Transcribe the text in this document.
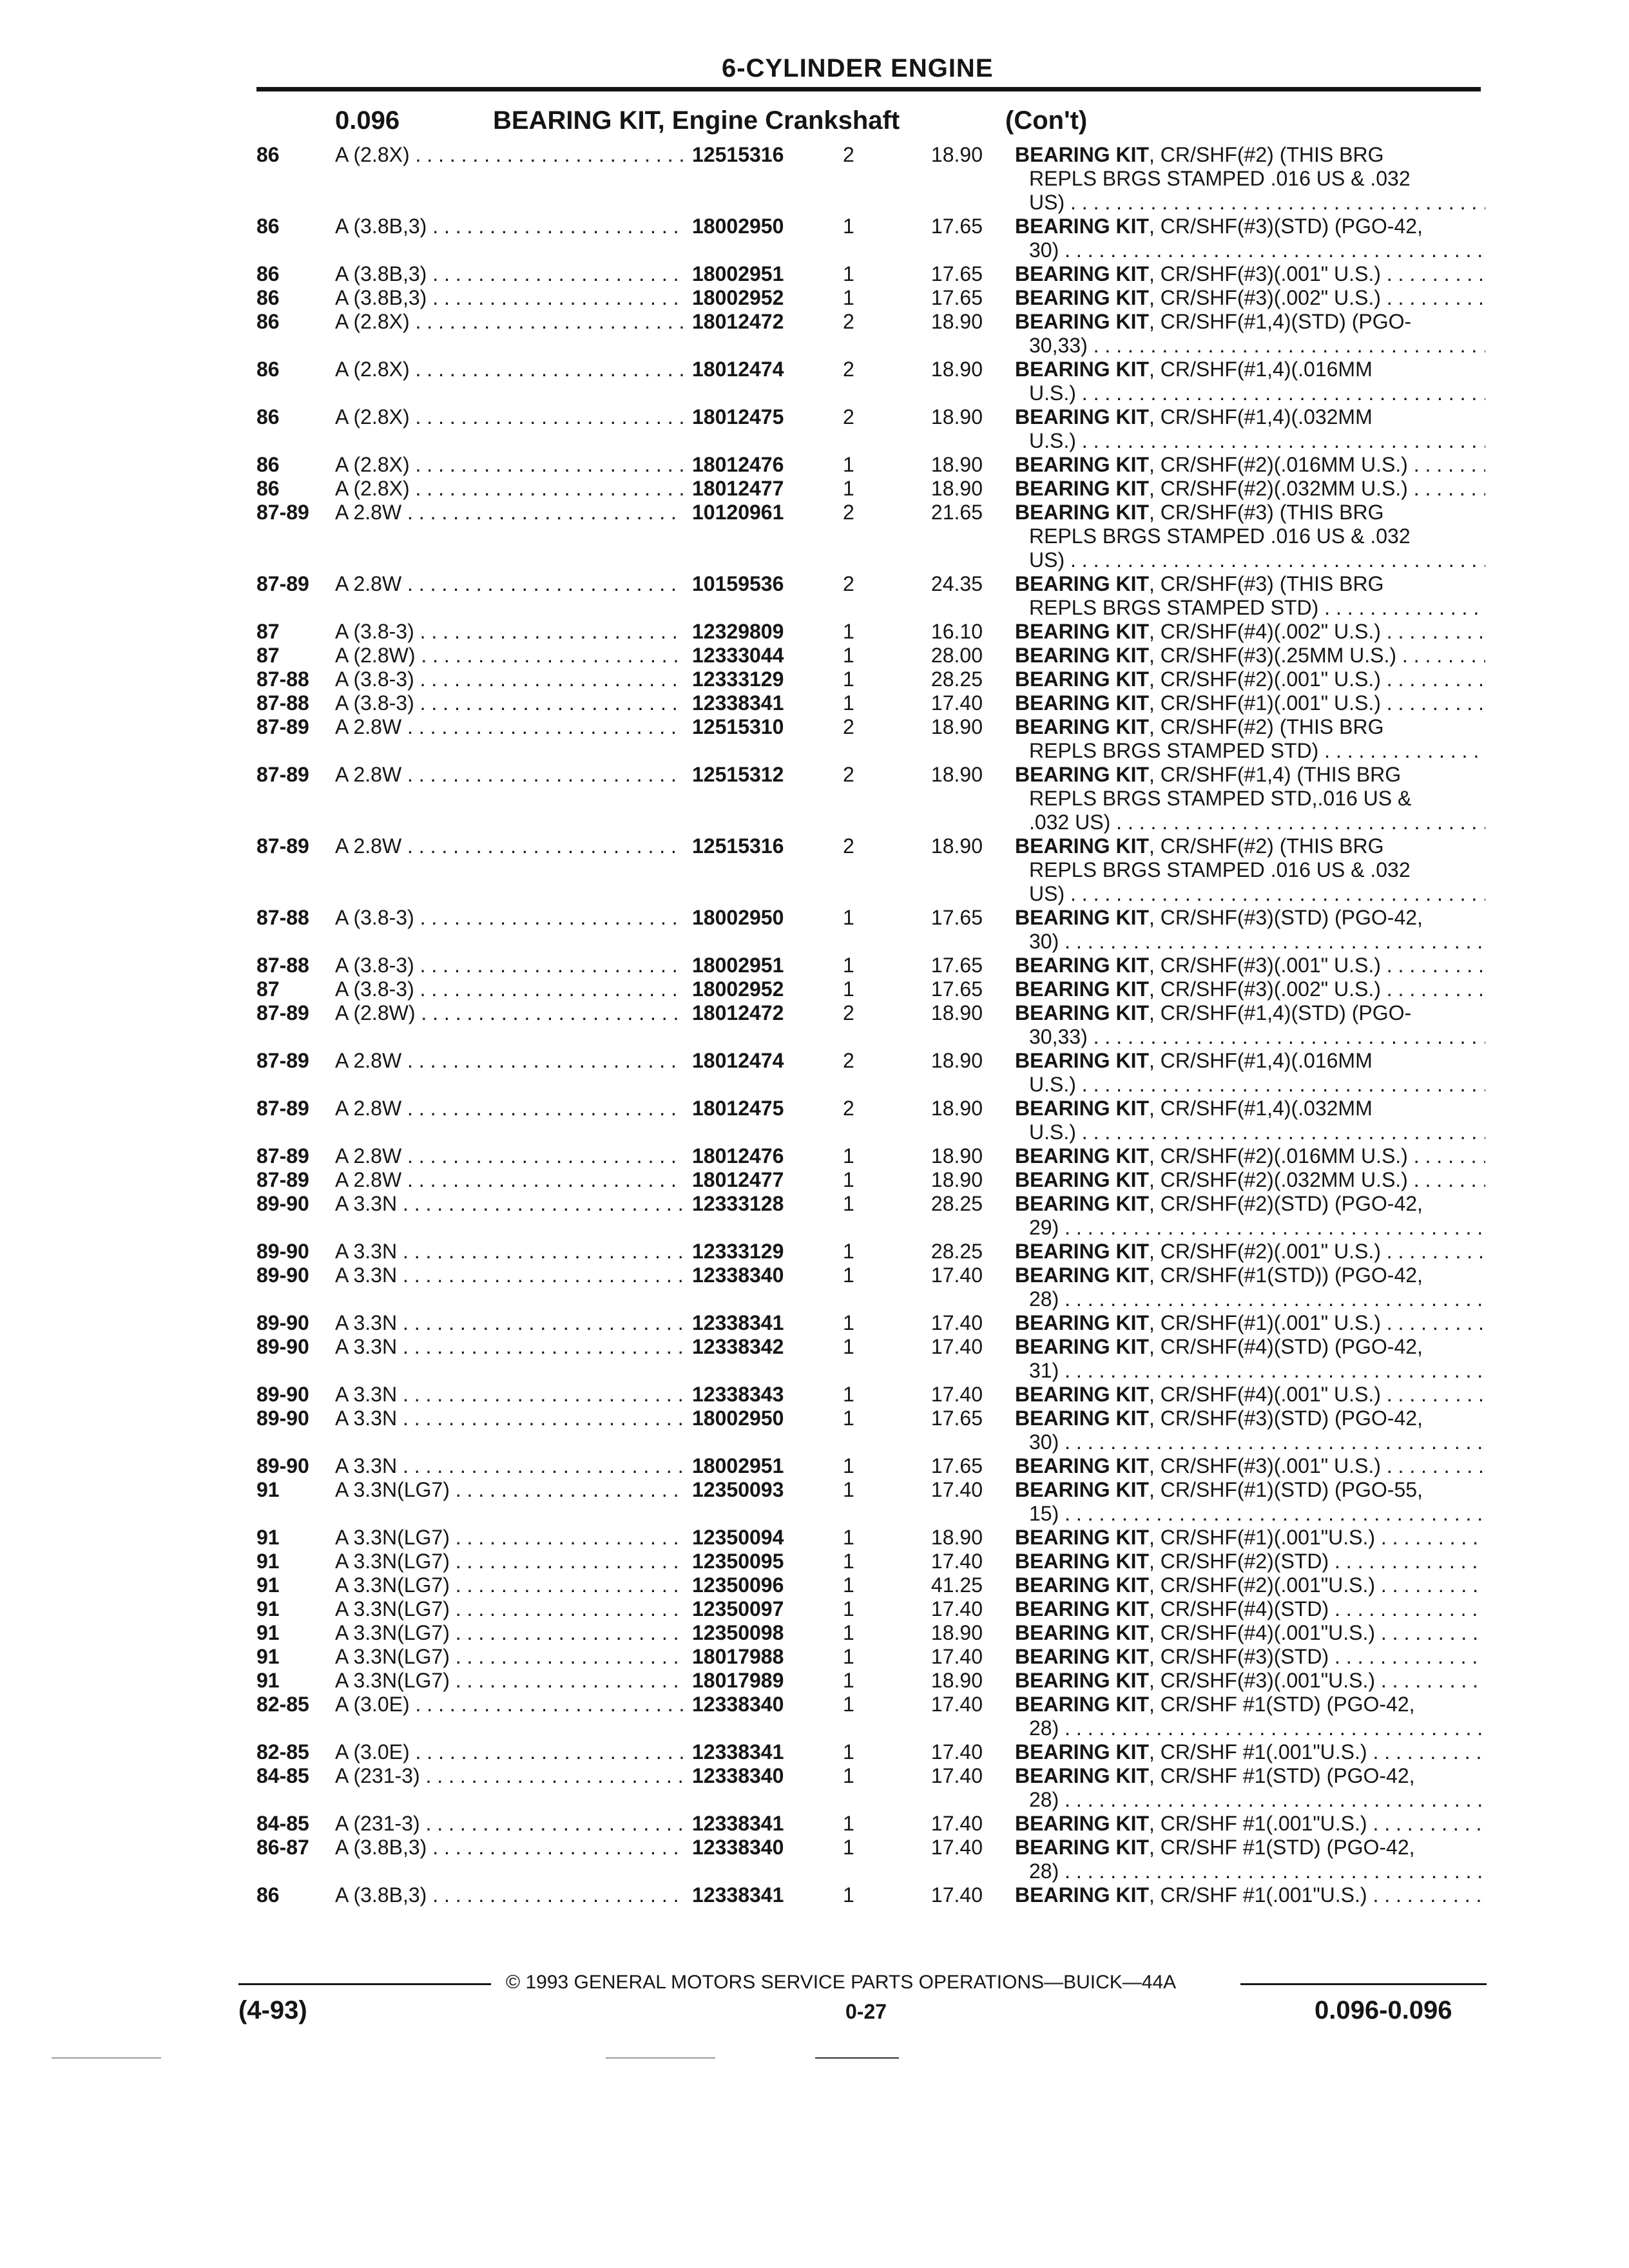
6-CYLINDER ENGINE
0.096	BEARING KIT, Engine Crankshaft	(Con't)
86	A (2.8X) . . .	12515316	2	18.90 BEARING KIT, CR/SHF(#2) (THIS BRG
REPLS BRGS STAMPED .016 US & .032
US) . . .
86	A (3.8B,3) . . .	18002950	1	17.65 BEARING KIT, CR/SHF(#3)(STD) (PGO-42,
30) . . .
86	A (3.8B,3) . . .	18002951	1	17.65 BEARING KIT, CR/SHF(#3)(.001" U.S.) . . .
86	A (3.8B,3) . . .	18002952	1	17.65 BEARING KIT, CR/SHF(#3)(.002" U.S.) . . .
86	A (2.8X) . . .	18012472	2	18.90 BEARING KIT, CR/SHF(#1,4)(STD) (PGO-
30,33) . . .
86	A (2.8X) . . .	18012474	2	18.90 BEARING KIT, CR/SHF(#1,4)(.016MM
U.S.) . . .
86	A (2.8X) . . .	18012475	2	18.90 BEARING KIT, CR/SHF(#1,4)(.032MM
U.S.) . . .
86	A (2.8X) . . .	18012476	1	18.90 BEARING KIT, CR/SHF(#2)(.016MM U.S.) . . .
86	A (2.8X) . . .	18012477	1	18.90 BEARING KIT, CR/SHF(#2)(.032MM U.S.) . . .
87-89 A 2.8W . . .	10120961	2	21.65 BEARING KIT, CR/SHF(#3) (THIS BRG
REPLS BRGS STAMPED .016 US & .032
US) . . .
87-89 A 2.8W . . .	10159536	2	24.35 BEARING KIT, CR/SHF(#3) (THIS BRG
REPLS BRGS STAMPED STD) . . .
87	A (3.8-3) . . .	12329809	1	16.10 BEARING KIT, CR/SHF(#4)(.002" U.S.) . . .
87	A (2.8W) . . .	12333044	1	28.00 BEARING KIT, CR/SHF(#3)(.25MM U.S.) . . .
87-88 A (3.8-3) . . .	12333129	1	28.25 BEARING KIT, CR/SHF(#2)(.001" U.S.) . . .
87-88 A (3.8-3) . . .	12338341	1	17.40 BEARING KIT, CR/SHF(#1)(.001" U.S.) . . .
87-89 A 2.8W . . .	12515310	2	18.90 BEARING KIT, CR/SHF(#2) (THIS BRG
REPLS BRGS STAMPED STD) . . .
87-89 A 2.8W . . .	12515312	2	18.90 BEARING KIT, CR/SHF(#1,4) (THIS BRG
REPLS BRGS STAMPED STD,.016 US &
.032 US) . . .
87-89 A 2.8W . . .	12515316	2	18.90 BEARING KIT, CR/SHF(#2) (THIS BRG
REPLS BRGS STAMPED .016 US & .032
US) . . .
87-88 A (3.8-3) . . .	18002950	1	17.65 BEARING KIT, CR/SHF(#3)(STD) (PGO-42,
30) . . .
87-88 A (3.8-3) . . .	18002951	1	17.65 BEARING KIT, CR/SHF(#3)(.001" U.S.) . . .
87	A (3.8-3) . . .	18002952	1	17.65 BEARING KIT, CR/SHF(#3)(.002" U.S.) . . .
87-89 A (2.8W) . . .	18012472	2	18.90 BEARING KIT, CR/SHF(#1,4)(STD) (PGO-
30,33) . . .
87-89 A 2.8W . . .	18012474	2	18.90 BEARING KIT, CR/SHF(#1,4)(.016MM
U.S.) . . .
87-89 A 2.8W . . .	18012475	2	18.90 BEARING KIT, CR/SHF(#1,4)(.032MM
U.S.) . . .
87-89 A 2.8W . . .	18012476	1	18.90 BEARING KIT, CR/SHF(#2)(.016MM U.S.) . . .
87-89 A 2.8W . . .	18012477	1	18.90 BEARING KIT, CR/SHF(#2)(.032MM U.S.) . . .
89-90 A 3.3N . . .	12333128	1	28.25 BEARING KIT, CR/SHF(#2)(STD) (PGO-42,
29) . . .
89-90 A 3.3N . . .	12333129	1	28.25 BEARING KIT, CR/SHF(#2)(.001" U.S.) . . .
89-90 A 3.3N . . .	12338340	1	17.40 BEARING KIT, CR/SHF(#1(STD)) (PGO-42,
28) . . .
89-90 A 3.3N . . .	12338341	1	17.40 BEARING KIT, CR/SHF(#1)(.001" U.S.) . . .
89-90 A 3.3N . . .	12338342	1	17.40 BEARING KIT, CR/SHF(#4)(STD) (PGO-42,
31) . . .
89-90 A 3.3N . . .	12338343	1	17.40 BEARING KIT, CR/SHF(#4)(.001" U.S.) . . .
89-90 A 3.3N . . .	18002950	1	17.65 BEARING KIT, CR/SHF(#3)(STD) (PGO-42,
30) . . .
89-90 A 3.3N . . .	18002951	1	17.65 BEARING KIT, CR/SHF(#3)(.001" U.S.) . . .
91	A 3.3N(LG7) . . .	12350093	1	17.40 BEARING KIT, CR/SHF(#1)(STD) (PGO-55,
15) . . .
91	A 3.3N(LG7) . . .	12350094	1	18.90 BEARING KIT, CR/SHF(#1)(.001"U.S.) . . .
91	A 3.3N(LG7) . . .	12350095	1	17.40 BEARING KIT, CR/SHF(#2)(STD) . . .
91	A 3.3N(LG7) . . .	12350096	1	41.25 BEARING KIT, CR/SHF(#2)(.001"U.S.) . . .
91	A 3.3N(LG7) . . .	12350097	1	17.40 BEARING KIT, CR/SHF(#4)(STD) . . .
91	A 3.3N(LG7) . . .	12350098	1	18.90 BEARING KIT, CR/SHF(#4)(.001"U.S.) . . .
91	A 3.3N(LG7) . . .	18017988	1	17.40 BEARING KIT, CR/SHF(#3)(STD) . . .
91	A 3.3N(LG7) . . .	18017989	1	18.90 BEARING KIT, CR/SHF(#3)(.001"U.S.) . . .
82-85 A (3.0E) . . .	12338340	1	17.40 BEARING KIT, CR/SHF #1(STD) (PGO-42,
28) . . .
82-85 A (3.0E) . . .	12338341	1	17.40 BEARING KIT, CR/SHF #1(.001"U.S.) . . .
84-85 A (231-3) . . .	12338340	1	17.40 BEARING KIT, CR/SHF #1(STD) (PGO-42,
28) . . .
84-85 A (231-3) . . .	12338341	1	17.40 BEARING KIT, CR/SHF #1(.001"U.S.) . . .
86-87 A (3.8B,3) . . .	12338340	1	17.40 BEARING KIT, CR/SHF #1(STD) (PGO-42,
28) . . .
86	A (3.8B,3) . . .	12338341	1	17.40 BEARING KIT, CR/SHF #1(.001"U.S.) . . .
© 1993 GENERAL MOTORS SERVICE PARTS OPERATIONS—BUICK—44A
(4-93)	0-27	0.096-0.096
